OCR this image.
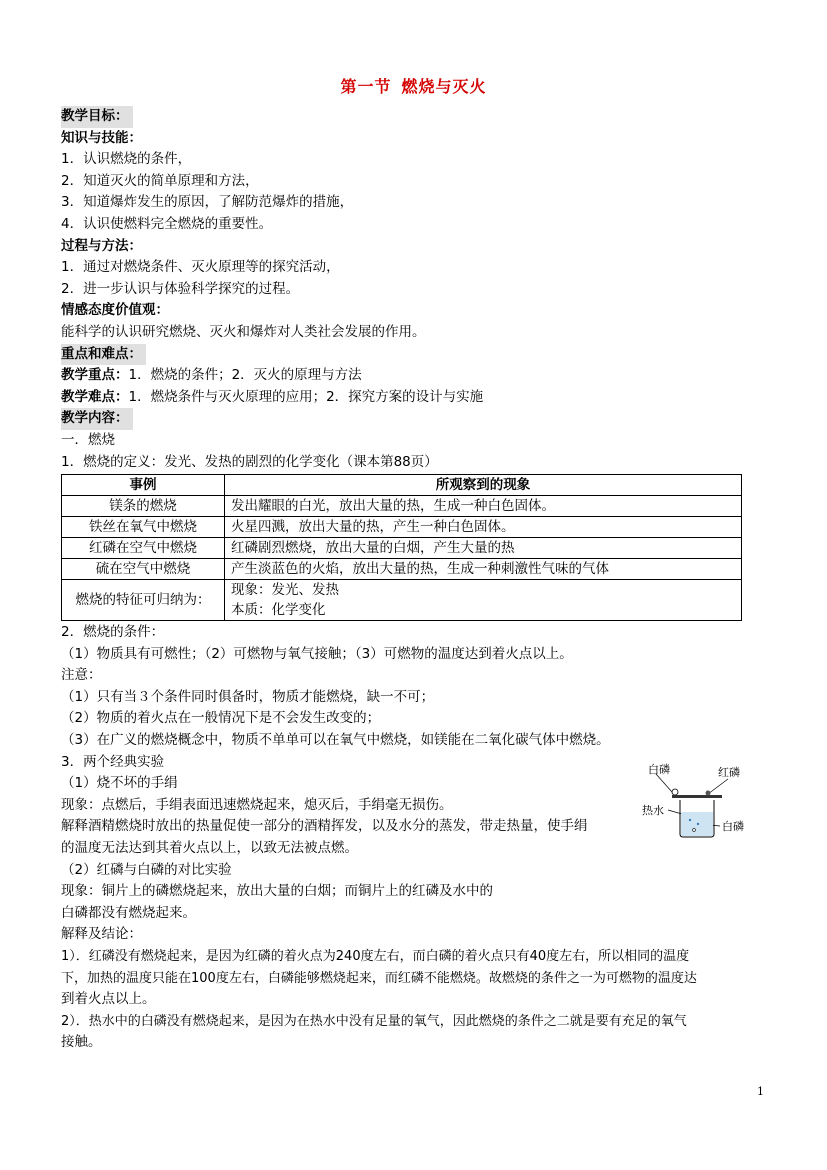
第一节 燃烧与灭火
教学目标：
知识与技能：
1．认识燃烧的条件，
2．知道灭火的简单原理和方法，
3．知道爆炸发生的原因，了解防范爆炸的措施，
4．认识使燃料完全燃烧的重要性。
过程与方法：
1．通过对燃烧条件、灭火原理等的探究活动，
2．进一步认识与体验科学探究的过程。
情感态度价值观：
能科学的认识研究燃烧、灭火和爆炸对人类社会发展的作用。
重点和难点：
教学重点：1．燃烧的条件；2．灭火的原理与方法
教学难点：1．燃烧条件与灭火原理的应用；2．探究方案的设计与实施
教学内容：
一．燃烧
1．燃烧的定义：发光、发热的剧烈的化学变化（课本第88页）
事例	所观察到的现象
镁条的燃烧	发出耀眼的白光，放出大量的热，生成一种白色固体。
铁丝在氧气中燃烧	火星四溅，放出大量的热，产生一种白色固体。
红磷在空气中燃烧	红磷剧烈燃烧，放出大量的白烟，产生大量的热
硫在空气中燃烧	产生淡蓝色的火焰，放出大量的热，生成一种刺激性气味的气体
燃烧的特征可归纳为：	现象：发光、发热
本质：化学变化
2．燃烧的条件：
（1）物质具有可燃性；（2）可燃物与氧气接触；（3）可燃物的温度达到着火点以上。
注意：
（1）只有当３个条件同时俱备时，物质才能燃烧，缺一不可；
（2）物质的着火点在一般情况下是不会发生改变的；
（3）在广义的燃烧概念中，物质不单单可以在氧气中燃烧，如镁能在二氧化碳气体中燃烧。
3．两个经典实验
（1）烧不坏的手绢
现象：点燃后，手绢表面迅速燃烧起来，熄灭后，手绢毫无损伤。
解释酒精燃烧时放出的热量促使一部分的酒精挥发，以及水分的蒸发，带走热量，使手绢
的温度无法达到其着火点以上，以致无法被点燃。
（2）红磷与白磷的对比实验
现象：铜片上的磷燃烧起来，放出大量的白烟；而铜片上的红磷及水中的
白磷都没有燃烧起来。
解释及结论：
1）．红磷没有燃烧起来，是因为红磷的着火点为240度左右，而白磷的着火点只有40度左右，所以相同的温度
下，加热的温度只能在100度左右，白磷能够燃烧起来，而红磷不能燃烧。故燃烧的条件之一为可燃物的温度达
到着火点以上。
2）．热水中的白磷没有燃烧起来，是因为在热水中没有足量的氧气，因此燃烧的条件之二就是要有充足的氧气
接触。
白磷	红磷
热水
白磷
1
